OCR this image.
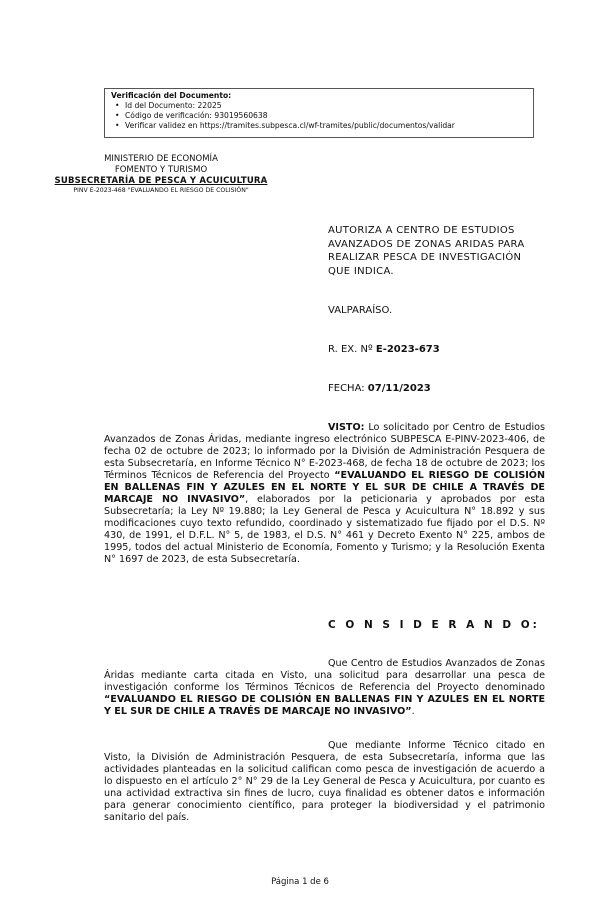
Verificación del Documento:
• Id del Documento: 22025
• Código de verificación: 93019560638
• Verificar validez en https://tramites.subpesca.cl/wf-tramites/public/documentos/validar
MINISTERIO DE ECONOMÍA
FOMENTO Y TURISMO
SUBSECRETARÍA DE PESCA Y ACUICULTURA
PINV E-2023-468 "EVALUANDO EL RIESGO DE COLISIÓN"
AUTORIZA A CENTRO DE ESTUDIOS
AVANZADOS DE ZONAS ARIDAS PARA
REALIZAR PESCA DE INVESTIGACIÓN
QUE INDICA.
VALPARAÍSO.
R. EX. Nº E-2023-673
FECHA: 07/11/2023
VISTO: Lo solicitado por Centro de Estudios Avanzados de Zonas Áridas, mediante ingreso electrónico SUBPESCA E-PINV-2023-406, de fecha 02 de octubre de 2023; lo informado por la División de Administración Pesquera de esta Subsecretaría, en Informe Técnico N° E-2023-468, de fecha 18 de octubre de 2023; los Términos Técnicos de Referencia del Proyecto “EVALUANDO EL RIESGO DE COLISIÓN EN BALLENAS FIN Y AZULES EN EL NORTE Y EL SUR DE CHILE A TRAVÉS DE MARCAJE NO INVASIVO”, elaborados por la peticionaria y aprobados por esta Subsecretaría; la Ley Nº 19.880; la Ley General de Pesca y Acuicultura N° 18.892 y sus modificaciones cuyo texto refundido, coordinado y sistematizado fue fijado por el D.S. Nº 430, de 1991, el D.F.L. N° 5, de 1983, el D.S. N° 461 y Decreto Exento N° 225, ambos de 1995, todos del actual Ministerio de Economía, Fomento y Turismo; y la Resolución Exenta N° 1697 de 2023, de esta Subsecretaría.
C O N S I D E R A N D O:
Que Centro de Estudios Avanzados de Zonas Áridas mediante carta citada en Visto, una solicitud para desarrollar una pesca de investigación conforme los Términos Técnicos de Referencia del Proyecto denominado “EVALUANDO EL RIESGO DE COLISIÓN EN BALLENAS FIN Y AZULES EN EL NORTE Y EL SUR DE CHILE A TRAVÉS DE MARCAJE NO INVASIVO”.
Que mediante Informe Técnico citado en Visto, la División de Administración Pesquera, de esta Subsecretaría, informa que las actividades planteadas en la solicitud califican como pesca de investigación de acuerdo a lo dispuesto en el artículo 2° N° 29 de la Ley General de Pesca y Acuicultura, por cuanto es una actividad extractiva sin fines de lucro, cuya finalidad es obtener datos e información para generar conocimiento científico, para proteger la biodiversidad y el patrimonio sanitario del país.
Página 1 de 6
